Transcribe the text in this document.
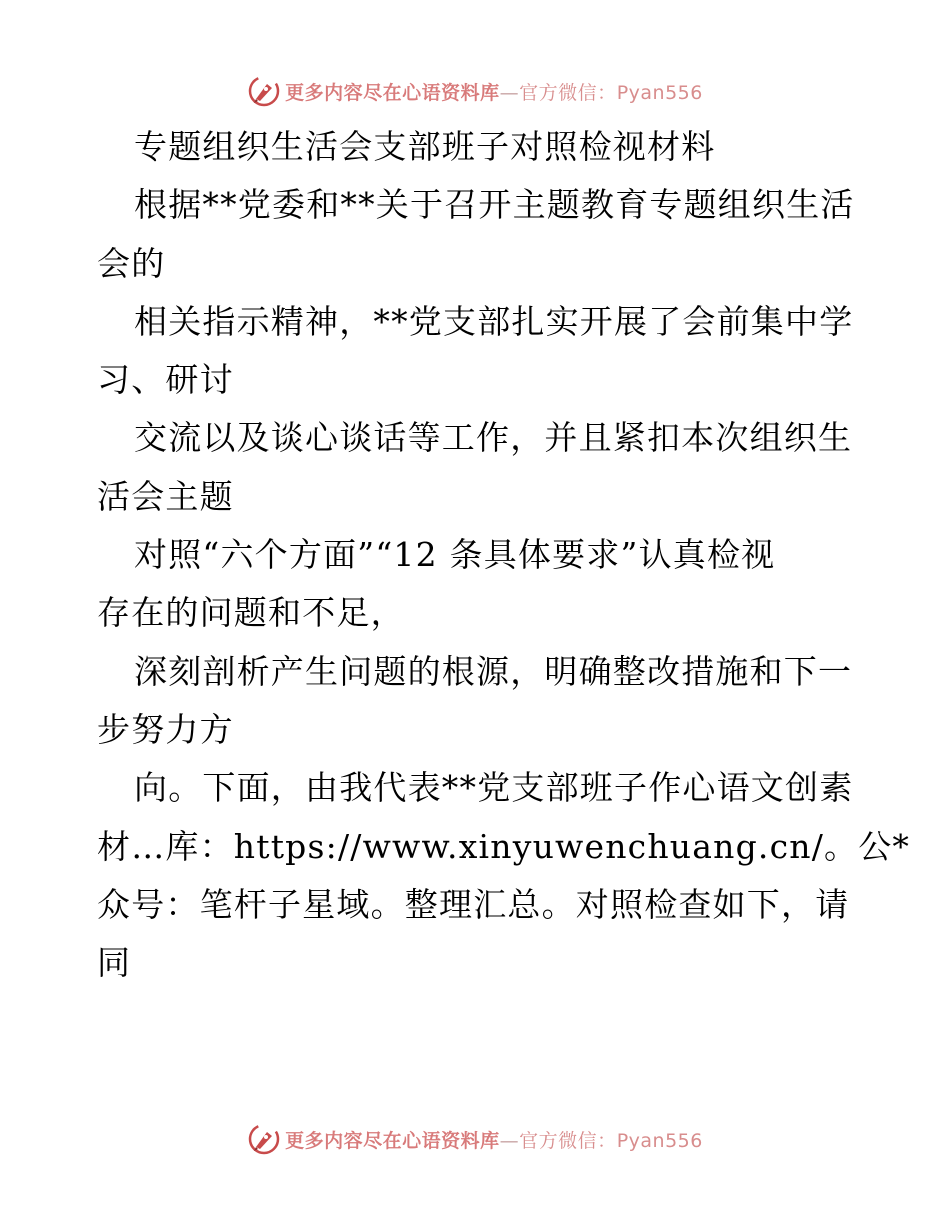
更多内容尽在心语资料库—官方微信：Pyan556
专题组织生活会支部班子对照检视材料
根据**党委和**关于召开主题教育专题组织生活
会的
相关指示精神，**党支部扎实开展了会前集中学
习、研讨
交流以及谈心谈话等工作，并且紧扣本次组织生
活会主题
对照“六个方面”“12 条具体要求”认真检视
存在的问题和不足，
深刻剖析产生问题的根源，明确整改措施和下一
步努力方
向。下面，由我代表**党支部班子作心语文创素
材…库：https://www.xinyuwenchuang.cn/。公*
众号：笔杆子星域。整理汇总。对照检查如下，请
同
更多内容尽在心语资料库—官方微信：Pyan556
